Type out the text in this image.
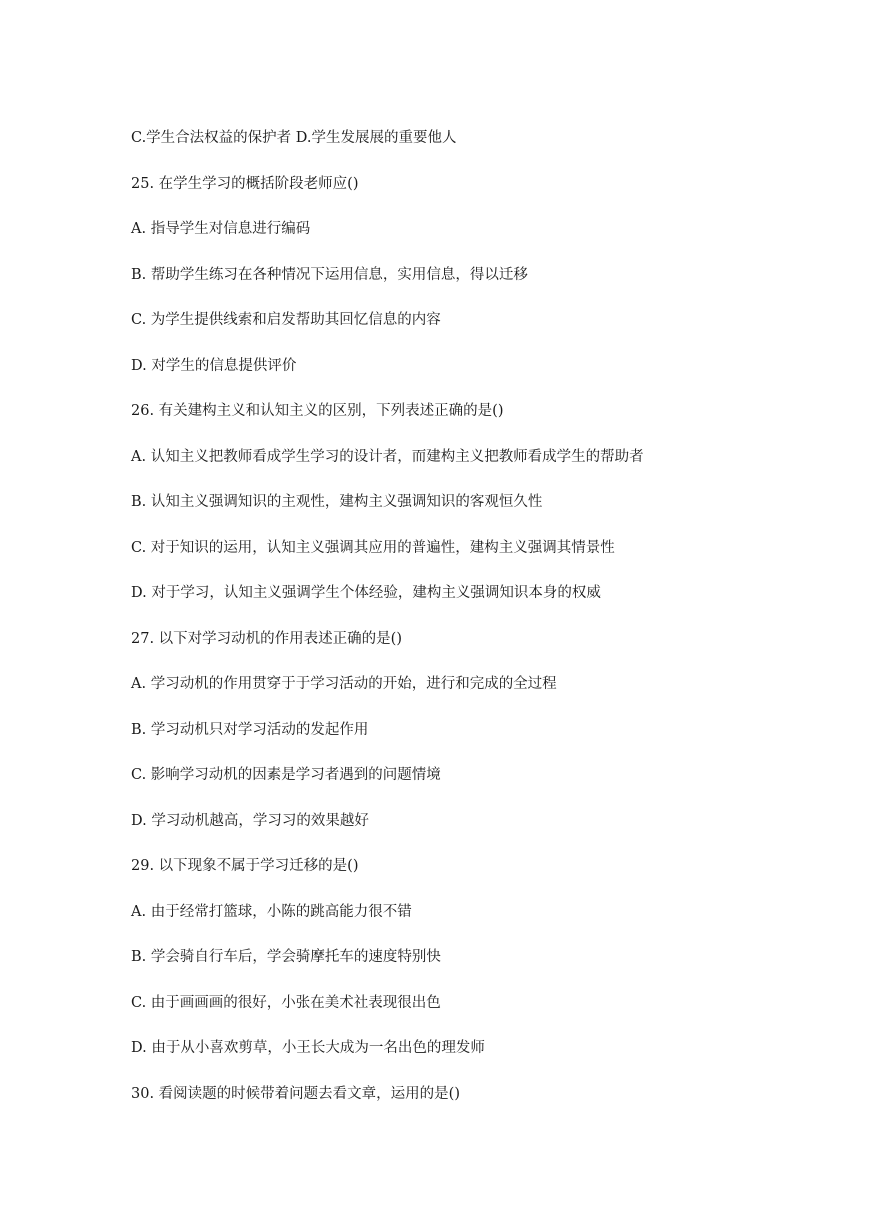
C.学生合法权益的保护者 D.学生发展展的重要他人

25. 在学生学习的概括阶段老师应()

A. 指导学生对信息进行编码

B. 帮助学生练习在各种情况下运用信息，实用信息，得以迁移

C. 为学生提供线索和启发帮助其回忆信息的内容

D. 对学生的信息提供评价

26. 有关建构主义和认知主义的区别，下列表述正确的是()

A. 认知主义把教师看成学生学习的设计者，而建构主义把教师看成学生的帮助者

B. 认知主义强调知识的主观性，建构主义强调知识的客观恒久性

C. 对于知识的运用，认知主义强调其应用的普遍性，建构主义强调其情景性

D. 对于学习，认知主义强调学生个体经验，建构主义强调知识本身的权威

27. 以下对学习动机的作用表述正确的是()

A. 学习动机的作用贯穿于于学习活动的开始，进行和完成的全过程

B. 学习动机只对学习活动的发起作用

C. 影响学习动机的因素是学习者遇到的问题情境

D. 学习动机越高，学习习的效果越好

29. 以下现象不属于学习迁移的是()

A. 由于经常打篮球，小陈的跳高能力很不错

B. 学会骑自行车后，学会骑摩托车的速度特别快

C. 由于画画画的很好，小张在美术社表现很出色

D. 由于从小喜欢剪草，小王长大成为一名出色的理发师

30. 看阅读题的时候带着问题去看文章，运用的是()
